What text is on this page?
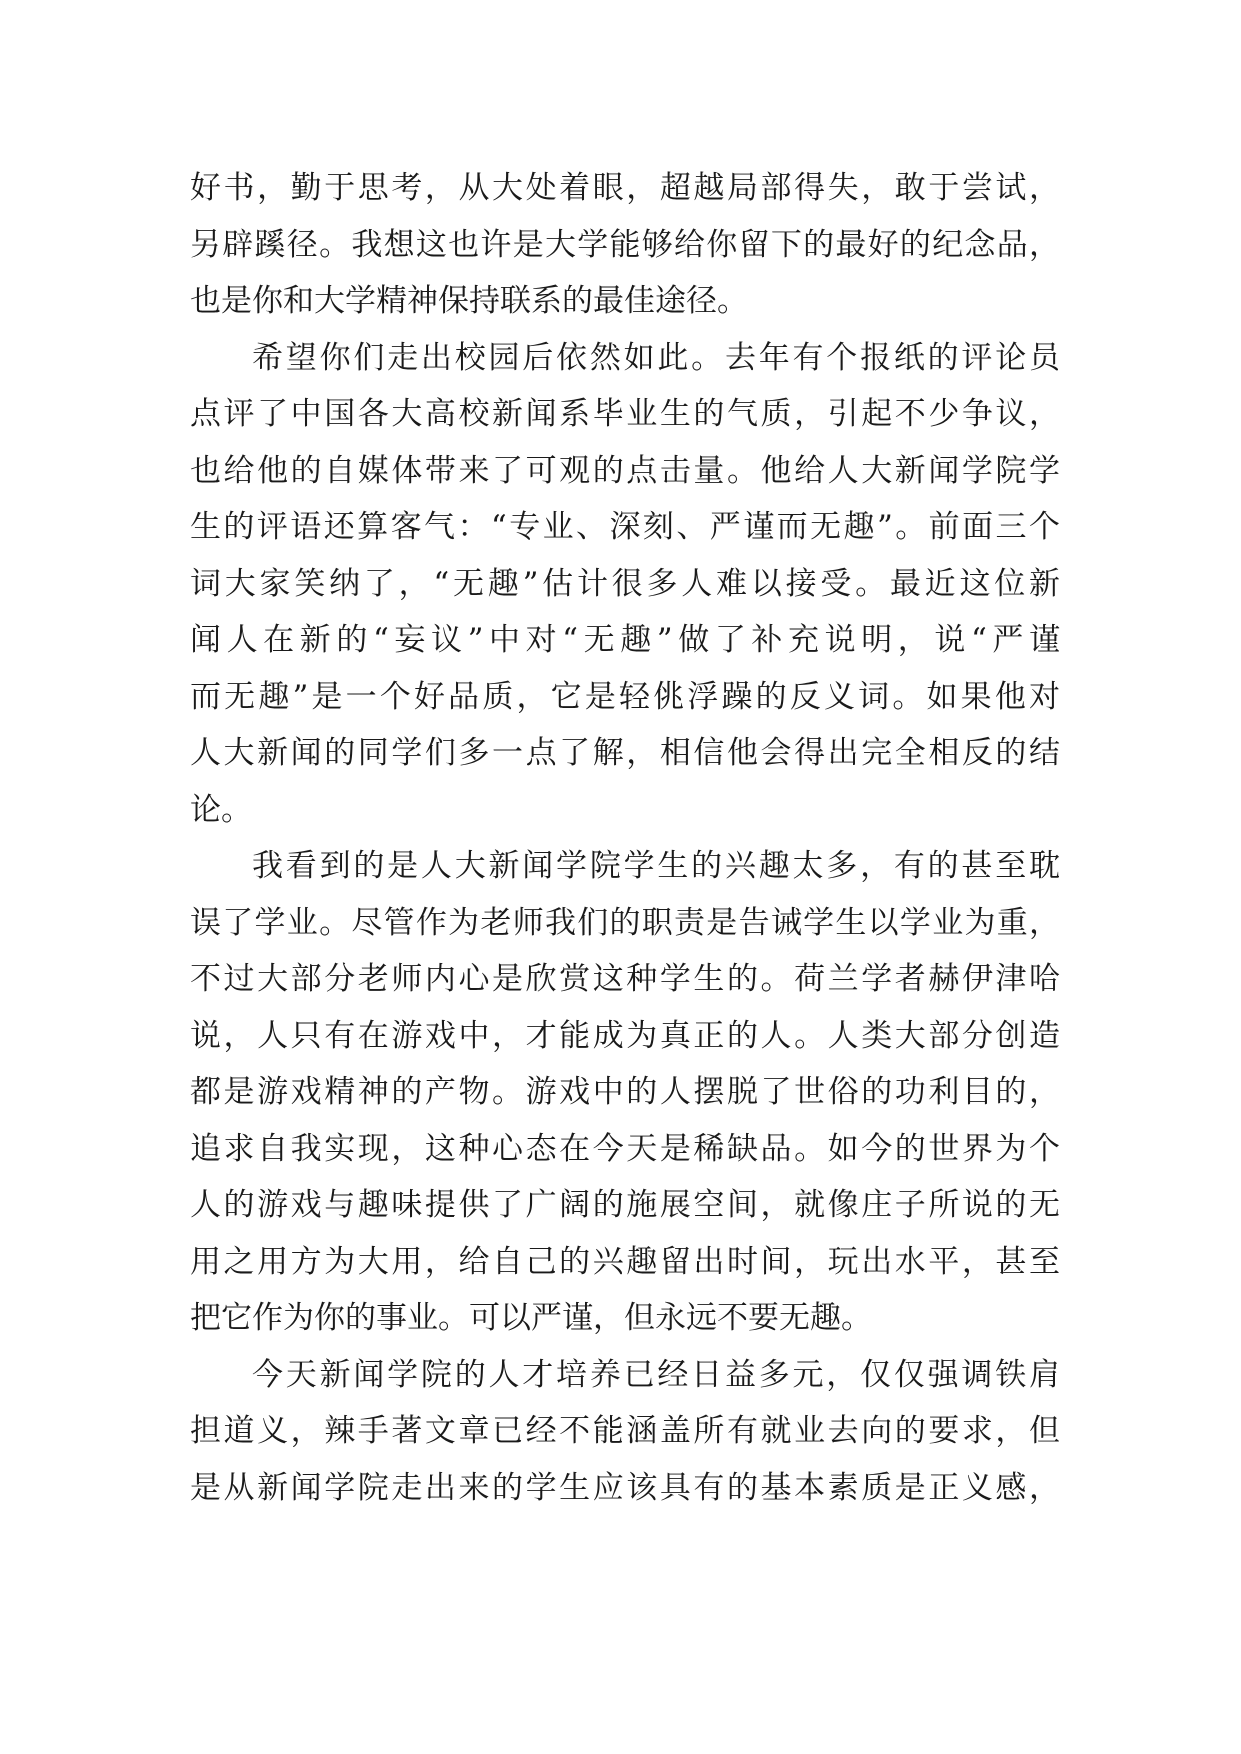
好书，勤于思考，从大处着眼，超越局部得失，敢于尝试，
另辟蹊径。我想这也许是大学能够给你留下的最好的纪念品，
也是你和大学精神保持联系的最佳途径。
希望你们走出校园后依然如此。去年有个报纸的评论员
点评了中国各大高校新闻系毕业生的气质，引起不少争议，
也给他的自媒体带来了可观的点击量。他给人大新闻学院学
生的评语还算客气：“专业、深刻、严谨而无趣”。前面三个
词大家笑纳了，“无趣”估计很多人难以接受。最近这位新
闻人在新的“妄议”中对“无趣”做了补充说明，说“严谨
而无趣”是一个好品质，它是轻佻浮躁的反义词。如果他对
人大新闻的同学们多一点了解，相信他会得出完全相反的结
论。
我看到的是人大新闻学院学生的兴趣太多，有的甚至耽
误了学业。尽管作为老师我们的职责是告诫学生以学业为重，
不过大部分老师内心是欣赏这种学生的。荷兰学者赫伊津哈
说，人只有在游戏中，才能成为真正的人。人类大部分创造
都是游戏精神的产物。游戏中的人摆脱了世俗的功利目的，
追求自我实现，这种心态在今天是稀缺品。如今的世界为个
人的游戏与趣味提供了广阔的施展空间，就像庄子所说的无
用之用方为大用，给自己的兴趣留出时间，玩出水平，甚至
把它作为你的事业。可以严谨，但永远不要无趣。
今天新闻学院的人才培养已经日益多元，仅仅强调铁肩
担道义，辣手著文章已经不能涵盖所有就业去向的要求，但
是从新闻学院走出来的学生应该具有的基本素质是正义感，
